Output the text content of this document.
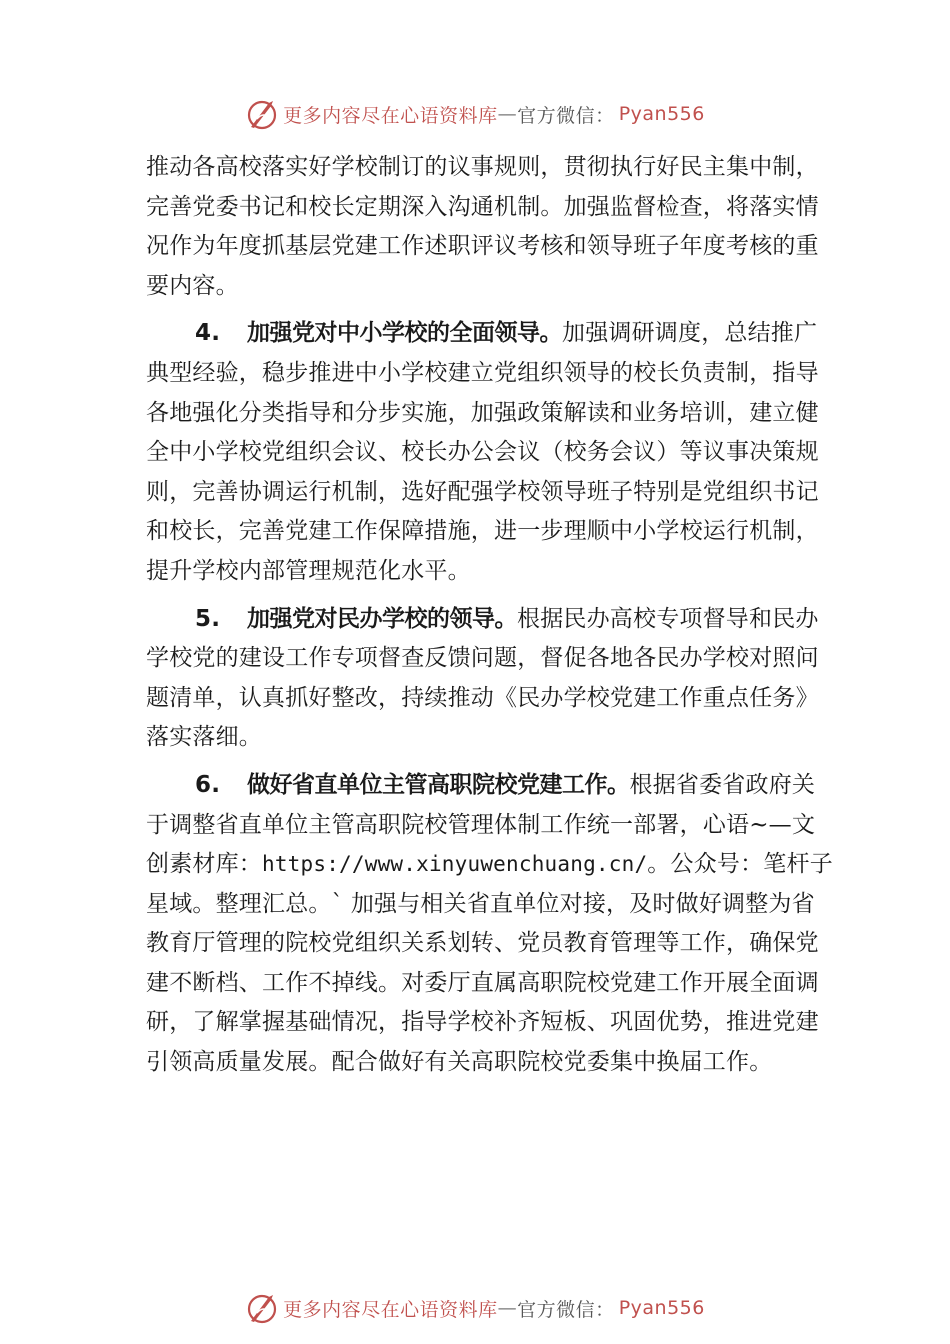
更多内容尽在心语资料库 — 官方微信： Pyan556

推动各高校落实好学校制订的议事规则，贯彻执行好民主集中制，完善党委书记和校长定期深入沟通机制。加强监督检查，将落实情况作为年度抓基层党建工作述职评议考核和领导班子年度考核的重要内容。

4. 加强党对中小学校的全面领导。加强调研调度，总结推广典型经验，稳步推进中小学校建立党组织领导的校长负责制，指导各地强化分类指导和分步实施，加强政策解读和业务培训，建立健全中小学校党组织会议、校长办公会议（校务会议）等议事决策规则，完善协调运行机制，选好配强学校领导班子特别是党组织书记和校长，完善党建工作保障措施，进一步理顺中小学校运行机制，提升学校内部管理规范化水平。

5. 加强党对民办学校的领导。根据民办高校专项督导和民办学校党的建设工作专项督查反馈问题，督促各地各民办学校对照问题清单，认真抓好整改，持续推动《民办学校党建工作重点任务》落实落细。

6. 做好省直单位主管高职院校党建工作。根据省委省政府关于调整省直单位主管高职院校管理体制工作统一部署，心语~—文创素材库：https://www.xinyuwenchuang.cn/。公众号：笔杆子星域。整理汇总。` 加强与相关省直单位对接，及时做好调整为省教育厅管理的院校党组织关系划转、党员教育管理等工作，确保党建不断档、工作不掉线。对委厅直属高职院校党建工作开展全面调研，了解掌握基础情况，指导学校补齐短板、巩固优势，推进党建引领高质量发展。配合做好有关高职院校党委集中换届工作。

更多内容尽在心语资料库 — 官方微信： Pyan556
